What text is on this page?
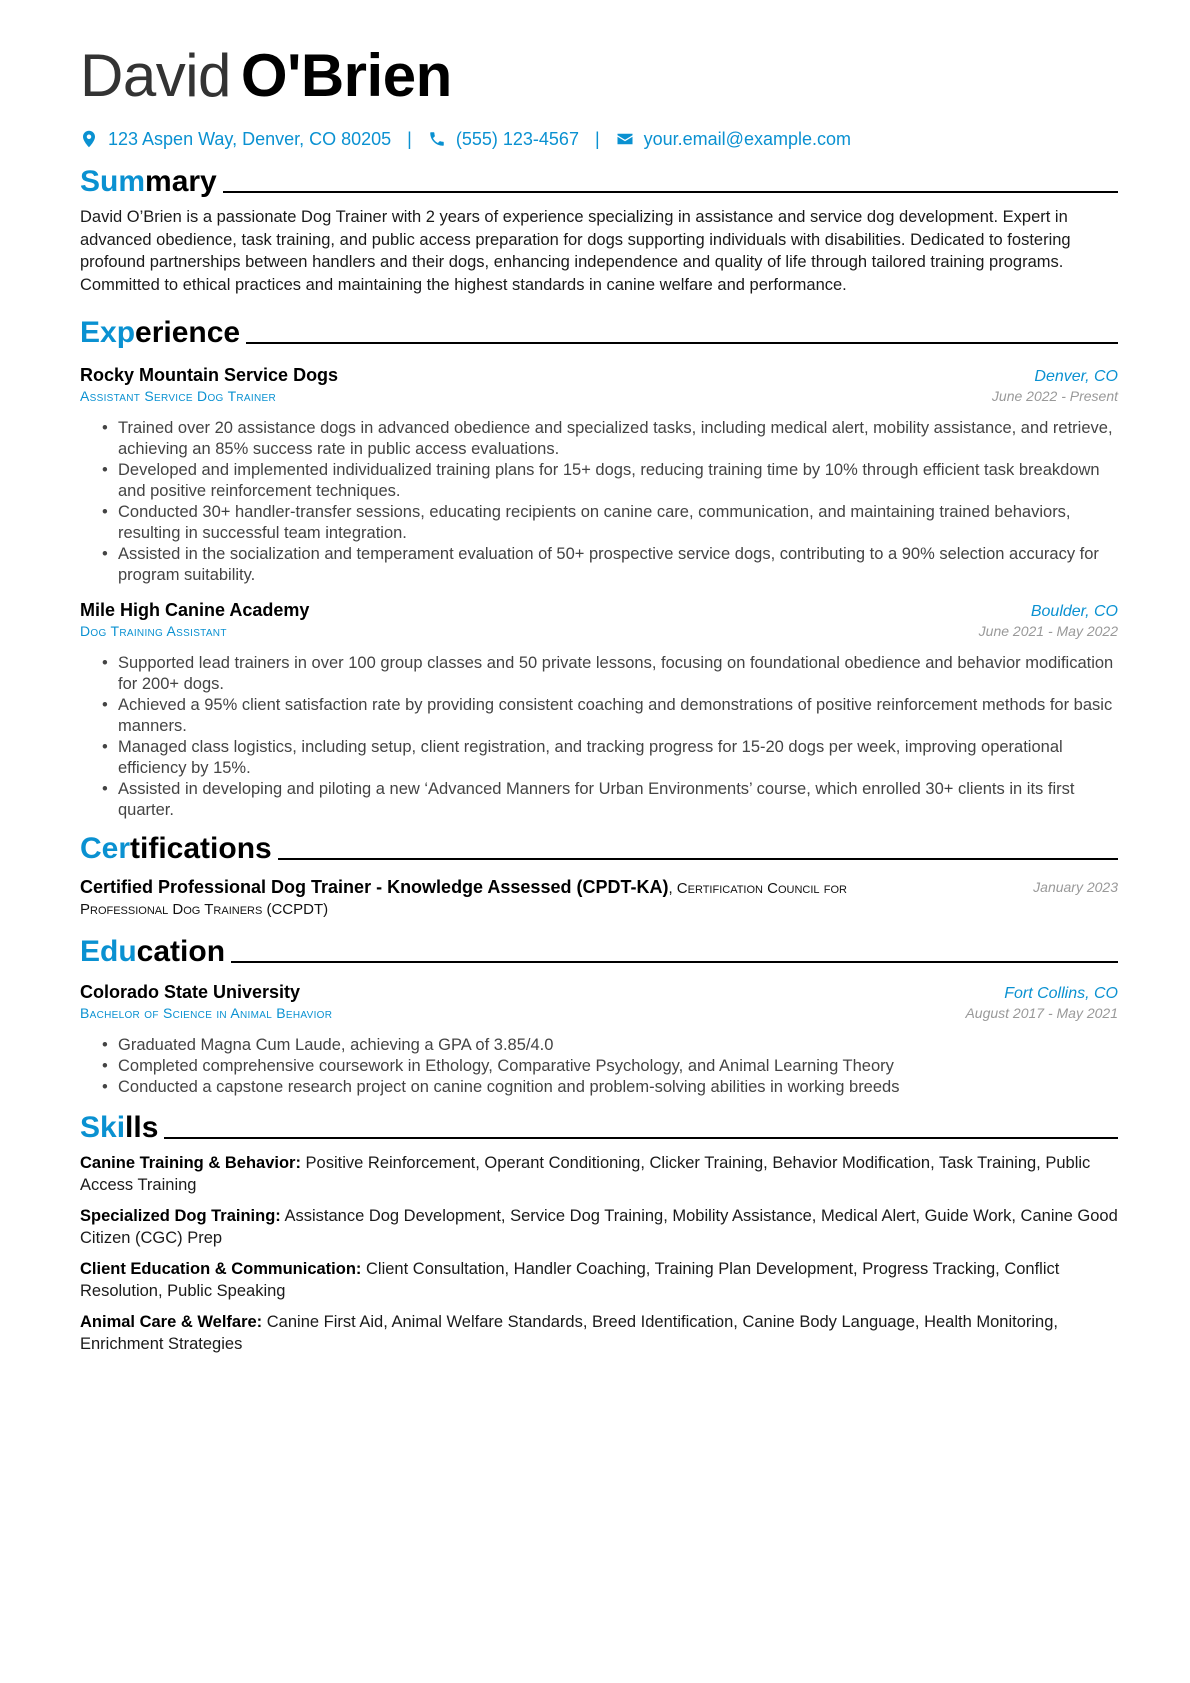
David O'Brien
123 Aspen Way, Denver, CO 80205 | (555) 123-4567 | your.email@example.com
Summary
David O’Brien is a passionate Dog Trainer with 2 years of experience specializing in assistance and service dog development. Expert in advanced obedience, task training, and public access preparation for dogs supporting individuals with disabilities. Dedicated to fostering profound partnerships between handlers and their dogs, enhancing independence and quality of life through tailored training programs. Committed to ethical practices and maintaining the highest standards in canine welfare and performance.
Experience
Rocky Mountain Service Dogs	Denver, CO
Assistant Service Dog Trainer	June 2022 - Present
• Trained over 20 assistance dogs in advanced obedience and specialized tasks, including medical alert, mobility assistance, and retrieve, achieving an 85% success rate in public access evaluations.
• Developed and implemented individualized training plans for 15+ dogs, reducing training time by 10% through efficient task breakdown and positive reinforcement techniques.
• Conducted 30+ handler-transfer sessions, educating recipients on canine care, communication, and maintaining trained behaviors, resulting in successful team integration.
• Assisted in the socialization and temperament evaluation of 50+ prospective service dogs, contributing to a 90% selection accuracy for program suitability.
Mile High Canine Academy	Boulder, CO
Dog Training Assistant	June 2021 - May 2022
• Supported lead trainers in over 100 group classes and 50 private lessons, focusing on foundational obedience and behavior modification for 200+ dogs.
• Achieved a 95% client satisfaction rate by providing consistent coaching and demonstrations of positive reinforcement methods for basic manners.
• Managed class logistics, including setup, client registration, and tracking progress for 15-20 dogs per week, improving operational efficiency by 15%.
• Assisted in developing and piloting a new ‘Advanced Manners for Urban Environments’ course, which enrolled 30+ clients in its first quarter.
Certifications
Certified Professional Dog Trainer - Knowledge Assessed (CPDT-KA), Certification Council for Professional Dog Trainers (CCPDT)
January 2023
Education
Colorado State University	Fort Collins, CO
Bachelor of Science in Animal Behavior	August 2017 - May 2021
• Graduated Magna Cum Laude, achieving a GPA of 3.85/4.0
• Completed comprehensive coursework in Ethology, Comparative Psychology, and Animal Learning Theory
• Conducted a capstone research project on canine cognition and problem-solving abilities in working breeds
Skills
Canine Training & Behavior: Positive Reinforcement, Operant Conditioning, Clicker Training, Behavior Modification, Task Training, Public Access Training
Specialized Dog Training: Assistance Dog Development, Service Dog Training, Mobility Assistance, Medical Alert, Guide Work, Canine Good Citizen (CGC) Prep
Client Education & Communication: Client Consultation, Handler Coaching, Training Plan Development, Progress Tracking, Conflict Resolution, Public Speaking
Animal Care & Welfare: Canine First Aid, Animal Welfare Standards, Breed Identification, Canine Body Language, Health Monitoring, Enrichment Strategies
